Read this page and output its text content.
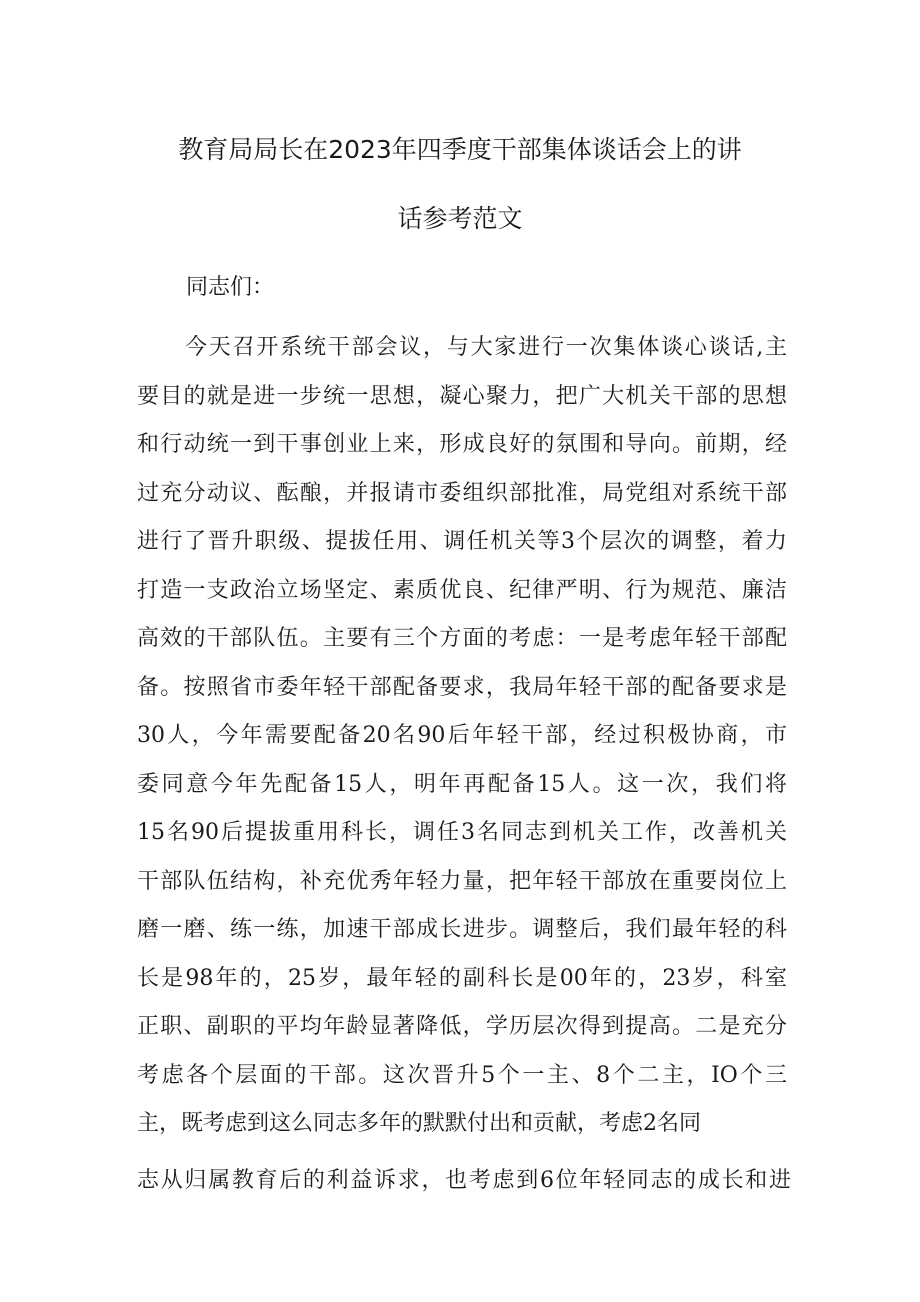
教育局局长在2023年四季度干部集体谈话会上的讲
话参考范文
同志们：
今天召开系统干部会议，与大家进行一次集体谈心谈话,主
要目的就是进一步统一思想，凝心聚力，把广大机关干部的思想
和行动统一到干事创业上来，形成良好的氛围和导向。前期，经
过充分动议、酝酿，并报请市委组织部批准，局党组对系统干部
进行了晋升职级、提拔任用、调任机关等3个层次的调整，着力
打造一支政治立场坚定、素质优良、纪律严明、行为规范、廉洁
高效的干部队伍。主要有三个方面的考虑：一是考虑年轻干部配
备。按照省市委年轻干部配备要求，我局年轻干部的配备要求是
30人，今年需要配备20名90后年轻干部，经过积极协商，市
委同意今年先配备15人，明年再配备15人。这一次，我们将
15名90后提拔重用科长，调任3名同志到机关工作，改善机关
干部队伍结构，补充优秀年轻力量，把年轻干部放在重要岗位上
磨一磨、练一练，加速干部成长进步。调整后，我们最年轻的科
长是98年的，25岁，最年轻的副科长是00年的，23岁，科室
正职、副职的平均年龄显著降低，学历层次得到提高。二是充分
考虑各个层面的干部。这次晋升5个一主、8个二主，IO个三
主，既考虑到这么同志多年的默默付出和贡献，考虑2名同
志从归属教育后的利益诉求，也考虑到6位年轻同志的成长和进
